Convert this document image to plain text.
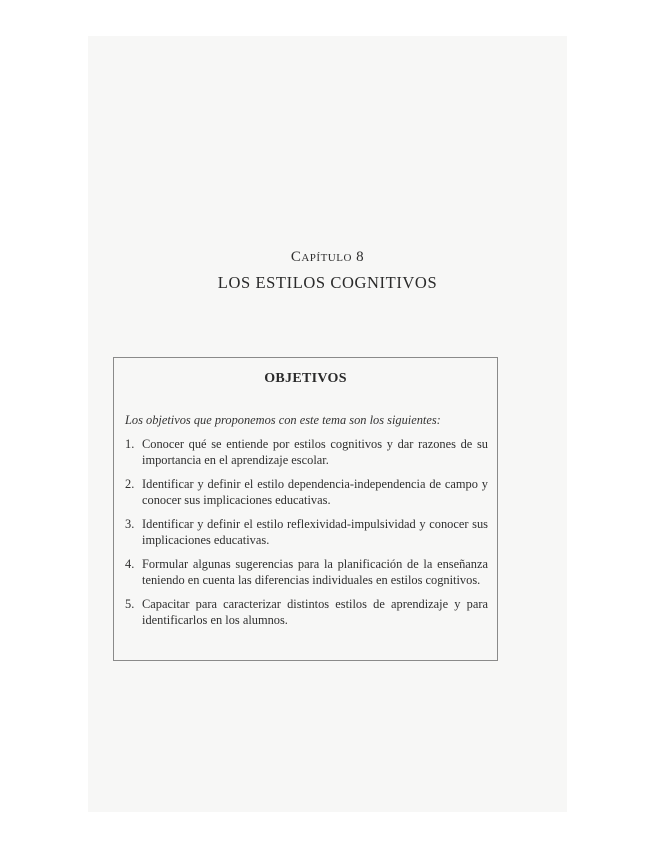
Capítulo 8
LOS ESTILOS COGNITIVOS
OBJETIVOS
Los objetivos que proponemos con este tema son los siguientes:
1. Conocer qué se entiende por estilos cognitivos y dar razones de su importancia en el aprendizaje escolar.
2. Identificar y definir el estilo dependencia-independencia de campo y conocer sus implicaciones educativas.
3. Identificar y definir el estilo reflexividad-impulsividad y conocer sus implicaciones educativas.
4. Formular algunas sugerencias para la planificación de la enseñanza teniendo en cuenta las diferencias individuales en estilos cognitivos.
5. Capacitar para caracterizar distintos estilos de aprendizaje y para identificarlos en los alumnos.
